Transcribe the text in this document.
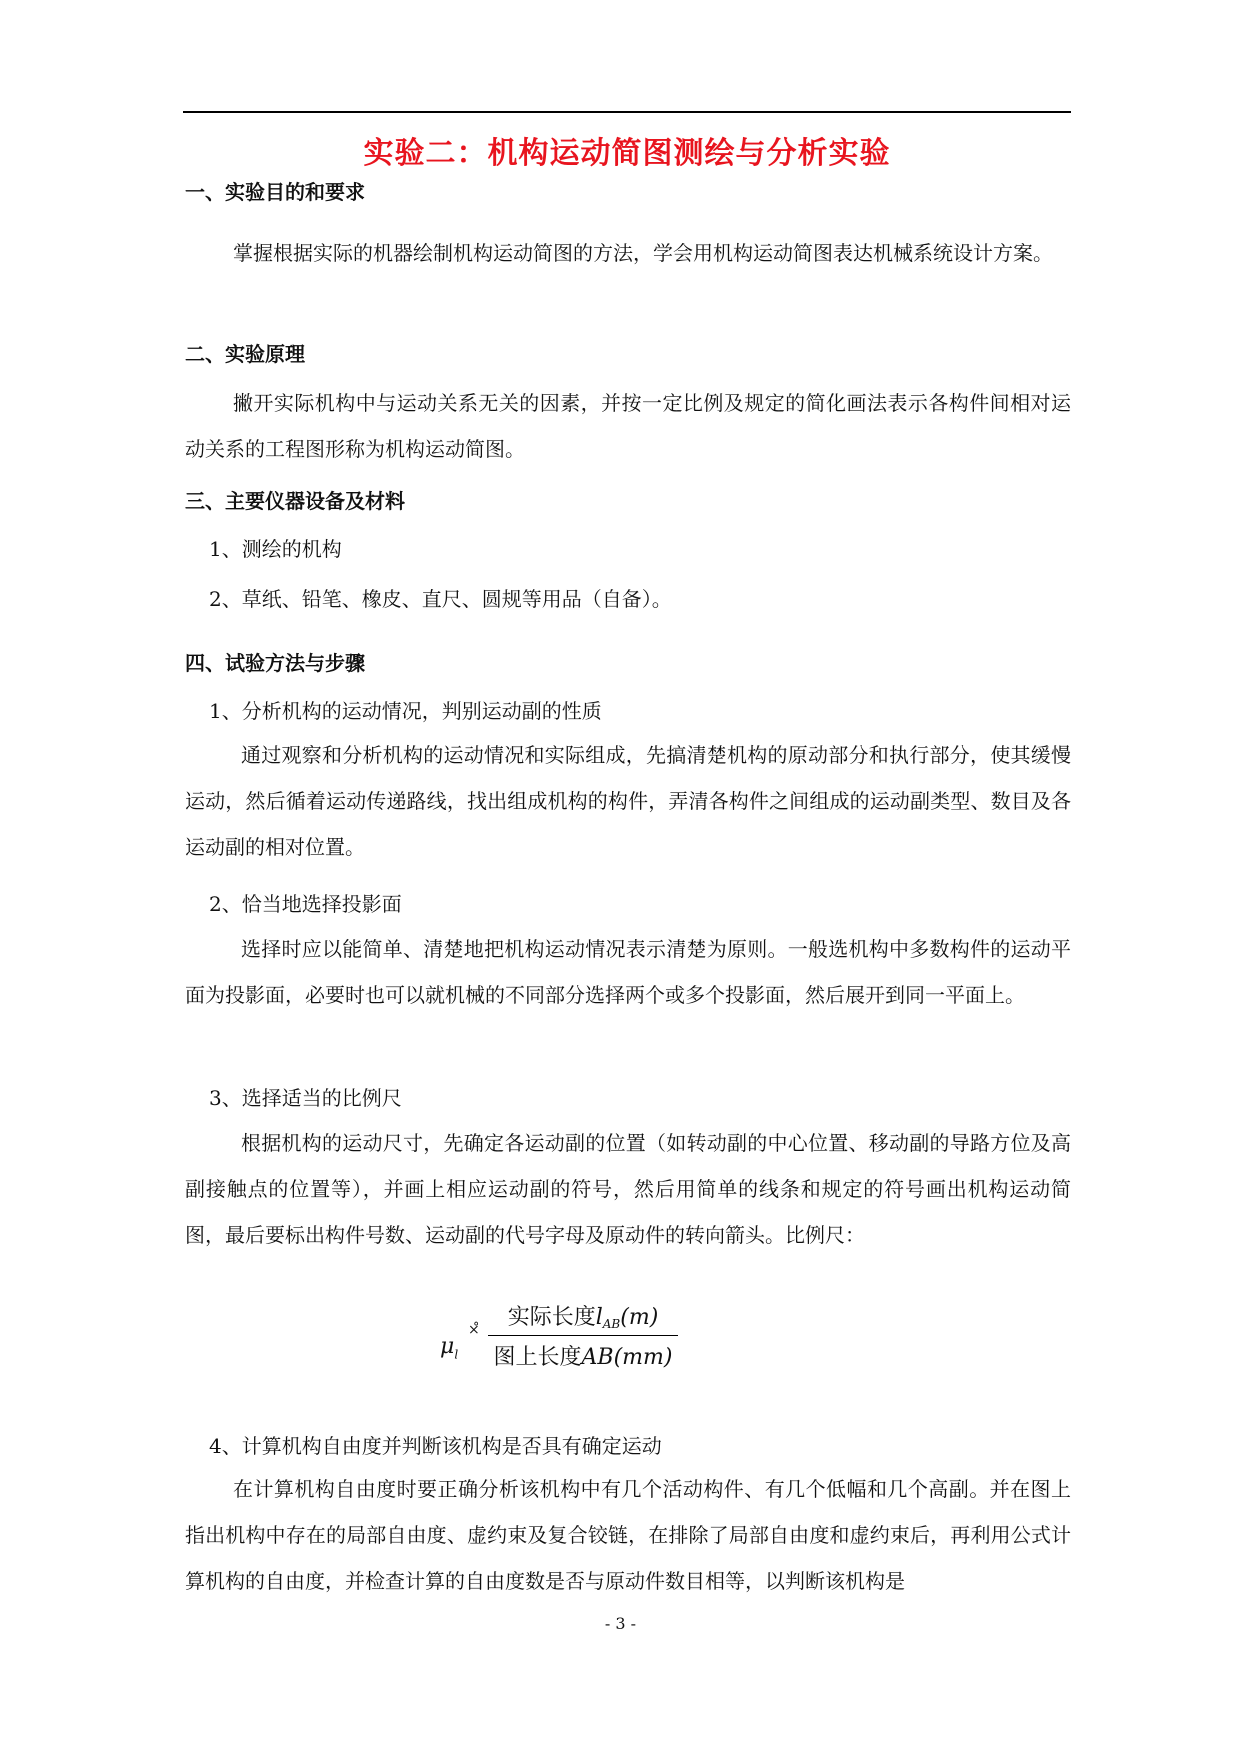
实验二：机构运动简图测绘与分析实验
一、实验目的和要求
掌握根据实际的机器绘制机构运动简图的方法，学会用机构运动简图表达机械系统设计方案。
二、实验原理
撇开实际机构中与运动关系无关的因素，并按一定比例及规定的简化画法表示各构件间相对运动关系的工程图形称为机构运动简图。
三、主要仪器设备及材料
1、测绘的机构
2、草纸、铅笔、橡皮、直尺、圆规等用品（自备）。
四、试验方法与步骤
1、分析机构的运动情况，判别运动副的性质
通过观察和分析机构的运动情况和实际组成，先搞清楚机构的原动部分和执行部分，使其缓慢运动，然后循着运动传递路线，找出组成机构的构件，弄清各构件之间组成的运动副类型、数目及各运动副的相对位置。
2、恰当地选择投影面
选择时应以能简单、清楚地把机构运动情况表示清楚为原则。一般选机构中多数构件的运动平面为投影面，必要时也可以就机械的不同部分选择两个或多个投影面，然后展开到同一平面上。
3、选择适当的比例尺
根据机构的运动尺寸，先确定各运动副的位置（如转动副的中心位置、移动副的导路方位及高副接触点的位置等），并画上相应运动副的符号，然后用简单的线条和规定的符号画出机构运动简图，最后要标出构件号数、运动副的代号字母及原动件的转向箭头。比例尺：
$\mu_l$
×̊	实际长度$l_{AB}(m)$
图上长度AB(mm)
4、计算机构自由度并判断该机构是否具有确定运动
在计算机构自由度时要正确分析该机构中有几个活动构件、有几个低幅和几个高副。并在图上指出机构中存在的局部自由度、虚约束及复合铰链，在排除了局部自由度和虚约束后，再利用公式计算机构的自由度，并检查计算的自由度数是否与原动件数目相等，以判断该机构是
- 3 -
